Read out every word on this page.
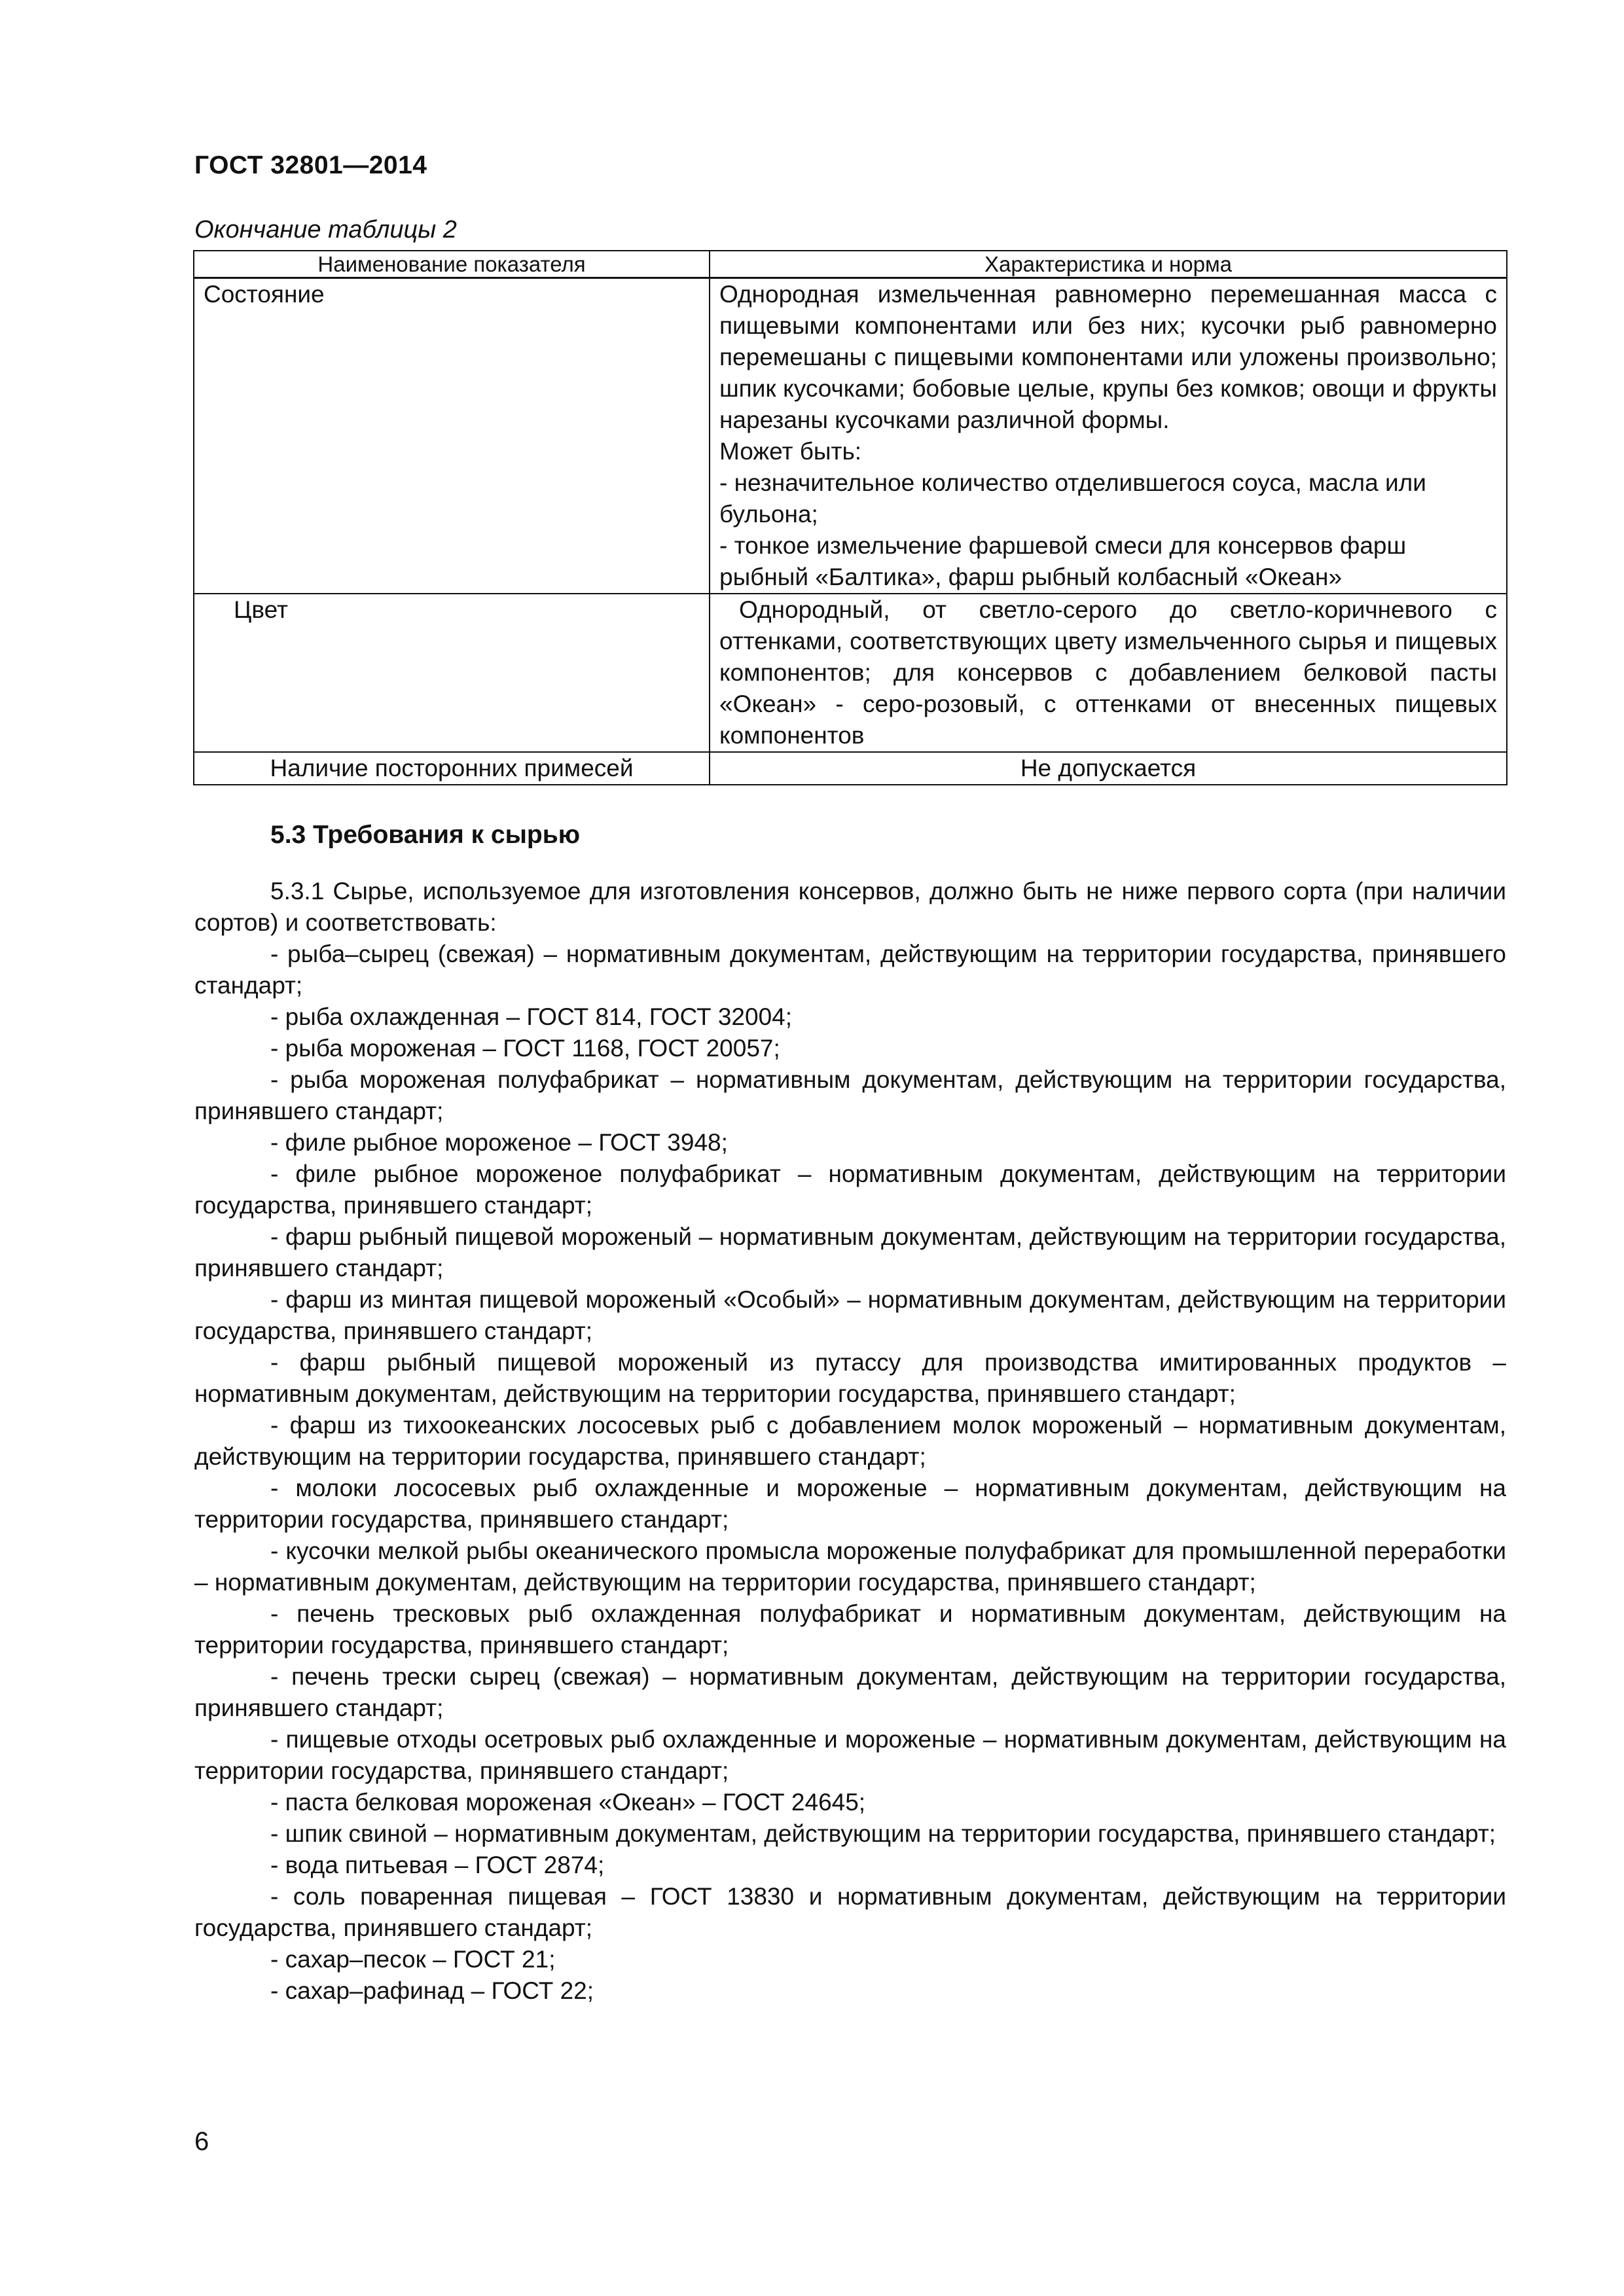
ГОСТ 32801—2014
Окончание таблицы 2
Наименование показателя	Характеристика и норма
Состояние	Однородная измельченная равномерно перемешанная масса с пищевыми компонентами или без них; кусочки рыб равномерно перемешаны с пищевыми компонентами или уложены произвольно; шпик кусочками; бобовые целые, крупы без комков; овощи и фрукты нарезаны кусочками различной формы.
Может быть:
- незначительное количество отделившегося соуса, масла или бульона;
- тонкое измельчение фаршевой смеси для консервов фарш рыбный «Балтика», фарш рыбный колбасный «Океан»

Цвет	Однородный, от светло-серого до светло-коричневого с оттенками, соответствующих цвету измельченного сырья и пищевых компонентов; для консервов с добавлением белковой пасты «Океан» - серо-розовый, с оттенками от внесенных пищевых компонентов

Наличие посторонних примесей	Не допускается
5.3 Требования к сырью

5.3.1 Сырье, используемое для изготовления консервов, должно быть не ниже первого сорта (при наличии сортов) и соответствовать:

- рыба–сырец (свежая) – нормативным документам, действующим на территории государства, принявшего стандарт;

- рыба охлажденная – ГОСТ 814, ГОСТ 32004;

- рыба мороженая – ГОСТ 1168, ГОСТ 20057;

- рыба мороженая полуфабрикат – нормативным документам, действующим на территории государства, принявшего стандарт;

- филе рыбное мороженое – ГОСТ 3948;

- филе рыбное мороженое полуфабрикат – нормативным документам, действующим на территории государства, принявшего стандарт;

- фарш рыбный пищевой мороженый – нормативным документам, действующим на территории государства, принявшего стандарт;

- фарш из минтая пищевой мороженый «Особый» – нормативным документам, действующим на территории государства, принявшего стандарт;

- фарш рыбный пищевой мороженый из путассу для производства имитированных продуктов – нормативным документам, действующим на территории государства, принявшего стандарт;

- фарш из тихоокеанских лососевых рыб с добавлением молок мороженый – нормативным документам, действующим на территории государства, принявшего стандарт;

- молоки лососевых рыб охлажденные и мороженые – нормативным документам, действующим на территории государства, принявшего стандарт;

- кусочки мелкой рыбы океанического промысла мороженые полуфабрикат для промышленной переработки – нормативным документам, действующим на территории государства, принявшего стандарт;

- печень тресковых рыб охлажденная полуфабрикат и нормативным документам, действующим на территории государства, принявшего стандарт;

- печень трески сырец (свежая) – нормативным документам, действующим на территории государства, принявшего стандарт;

- пищевые отходы осетровых рыб охлажденные и мороженые – нормативным документам, действующим на территории государства, принявшего стандарт;

- паста белковая мороженая «Океан» – ГОСТ 24645;

- шпик свиной – нормативным документам, действующим на территории государства, принявшего стандарт;

- вода питьевая – ГОСТ 2874;

- соль поваренная пищевая – ГОСТ 13830 и нормативным документам, действующим на территории государства, принявшего стандарт;

- сахар–песок – ГОСТ 21;

- сахар–рафинад – ГОСТ 22;

6
